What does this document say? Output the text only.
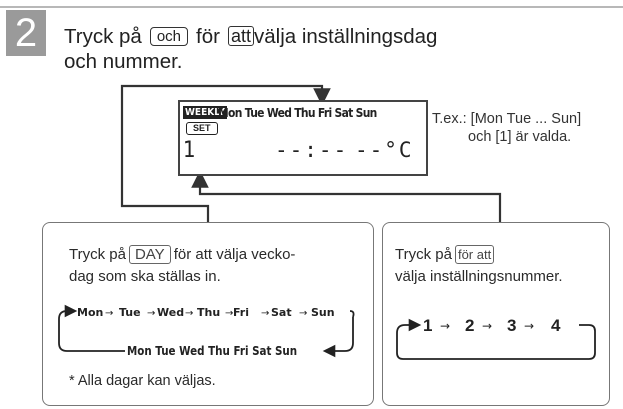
2	Tryck på och för att välja inställningsdag
och nummer.
WEEKLY
Mon Tue Wed Thu Fri Sat Sun
SET
1	--:-- --°C
T.ex.: [Mon Tue ... Sun]
och [1] är valda.
Tryck på DAY för att välja vecko-
dag som ska ställas in.
Mon → Tue → Wed → Thu → Fri → Sat → Sun
Mon Tue Wed Thu Fri Sat Sun
* Alla dagar kan väljas.
Tryck på för att
välja inställningsnummer.
1 → 2 → 3 → 4
